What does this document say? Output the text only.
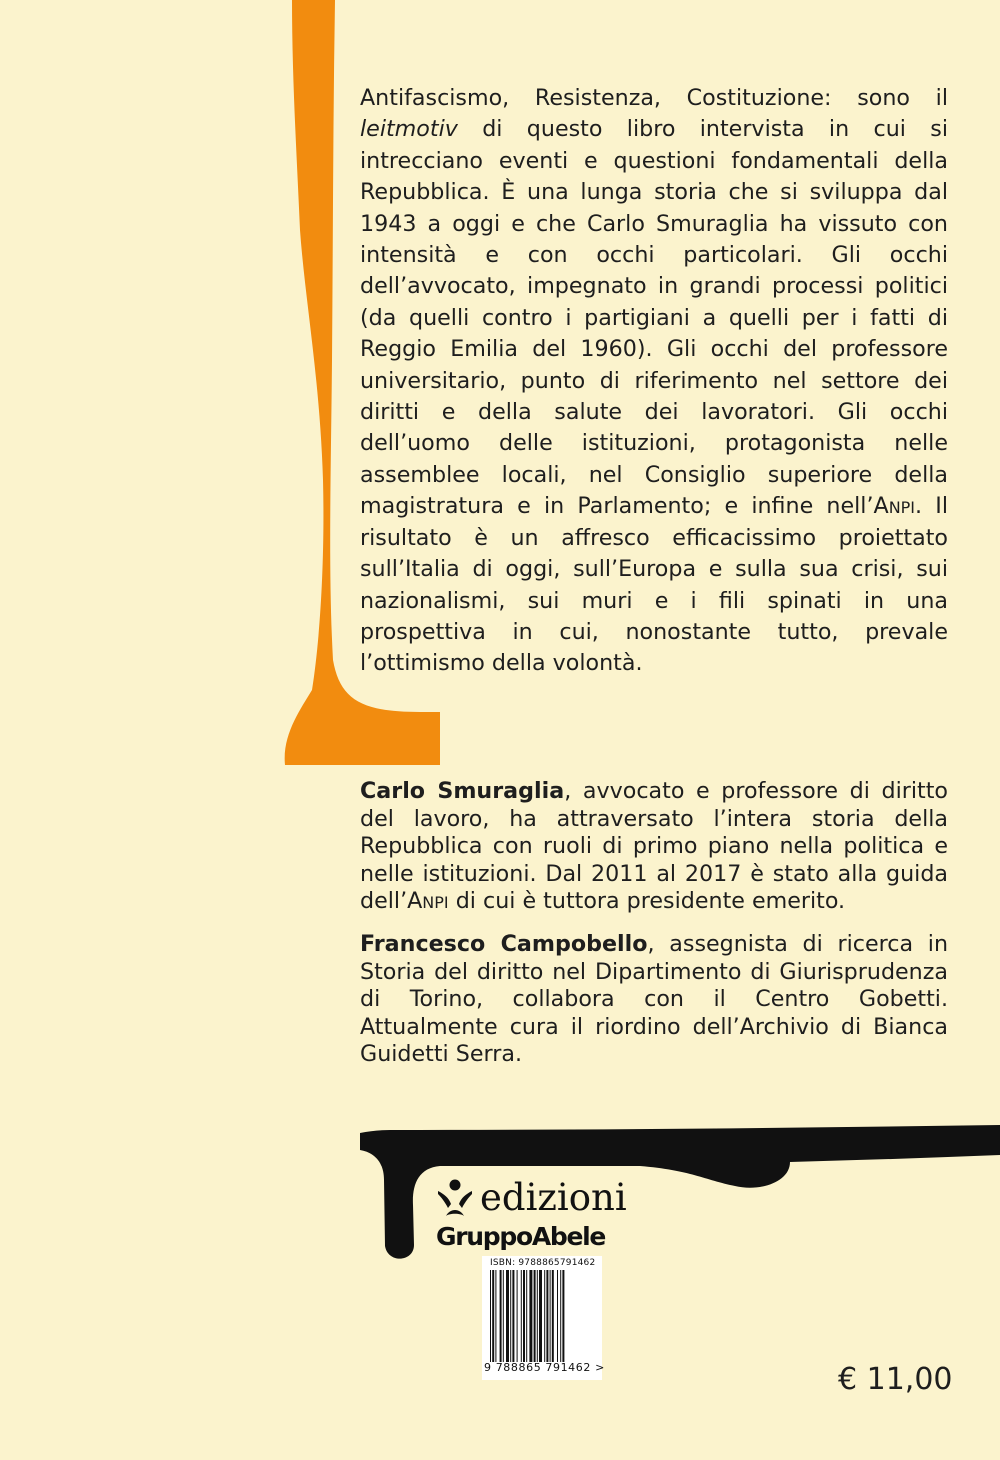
Antifascismo, Resistenza, Costituzione: sono il leitmotiv di questo libro intervista in cui si intrecciano eventi e questioni fondamentali della Repubblica. È una lunga storia che si sviluppa dal 1943 a oggi e che Carlo Smuraglia ha vissuto con intensità e con occhi particolari. Gli occhi dell’avvocato, impegnato in grandi processi politici (da quelli contro i partigiani a quelli per i fatti di Reggio Emilia del 1960). Gli occhi del professore universitario, punto di riferimento nel settore dei diritti e della salute dei lavoratori. Gli occhi dell’uomo delle istituzioni, protagonista nelle assemblee locali, nel Consiglio superiore della magistratura e in Parlamento; e infine nell’Anpi. Il risultato è un affresco efficacissimo proiettato sull’Italia di oggi, sull’Europa e sulla sua crisi, sui nazionalismi, sui muri e i fili spinati in una prospettiva in cui, nonostante tutto, prevale l’ottimismo della volontà.

Carlo Smuraglia, avvocato e professore di diritto del lavoro, ha attraversato l’intera storia della Repubblica con ruoli di primo piano nella politica e nelle istituzioni. Dal 2011 al 2017 è stato alla guida dell’Anpi di cui è tuttora presidente emerito.

Francesco Campobello, assegnista di ricerca in Storia del diritto nel Dipartimento di Giurisprudenza di Torino, collabora con il Centro Gobetti. Attualmente cura il riordino dell’Archivio di Bianca Guidetti Serra.

edizioni
GruppoAbele
ISBN: 9788865791462
9 788865 791462 >	€ 11,00
